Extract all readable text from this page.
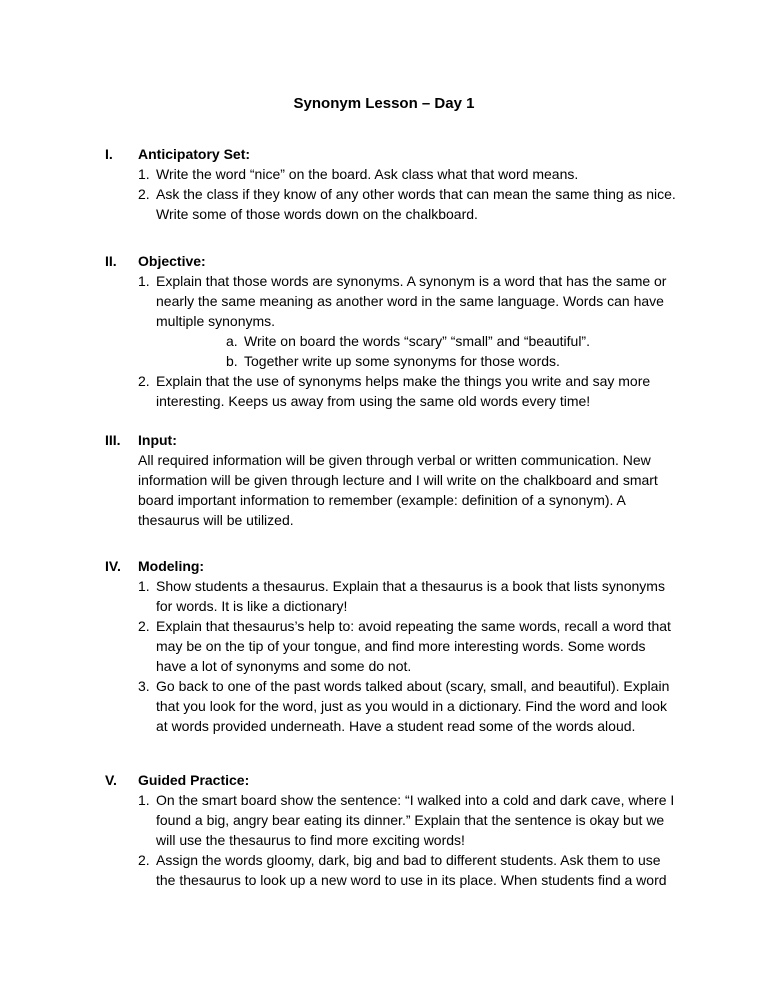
Synonym Lesson – Day 1
I.	Anticipatory Set:

1. Write the word “nice” on the board. Ask class what that word means.

2. Ask the class if they know of any other words that can mean the same thing as nice. Write some of those words down on the chalkboard.

II.	Objective:

1. Explain that those words are synonyms. A synonym is a word that has the same or nearly the same meaning as another word in the same language. Words can have multiple synonyms.

a. Write on board the words “scary” “small” and “beautiful”.

b. Together write up some synonyms for those words.

2. Explain that the use of synonyms helps make the things you write and say more interesting. Keeps us away from using the same old words every time!

III.	Input:

All required information will be given through verbal or written communication. New information will be given through lecture and I will write on the chalkboard and smart board important information to remember (example: definition of a synonym). A thesaurus will be utilized.

IV.	Modeling:

1. Show students a thesaurus. Explain that a thesaurus is a book that lists synonyms for words. It is like a dictionary!

2. Explain that thesaurus’s help to: avoid repeating the same words, recall a word that may be on the tip of your tongue, and find more interesting words. Some words have a lot of synonyms and some do not.

3. Go back to one of the past words talked about (scary, small, and beautiful). Explain that you look for the word, just as you would in a dictionary. Find the word and look at words provided underneath. Have a student read some of the words aloud.

V.	Guided Practice:

1. On the smart board show the sentence: “I walked into a cold and dark cave, where I found a big, angry bear eating its dinner.” Explain that the sentence is okay but we will use the thesaurus to find more exciting words!

2. Assign the words gloomy, dark, big and bad to different students. Ask them to use the thesaurus to look up a new word to use in its place. When students find a word
